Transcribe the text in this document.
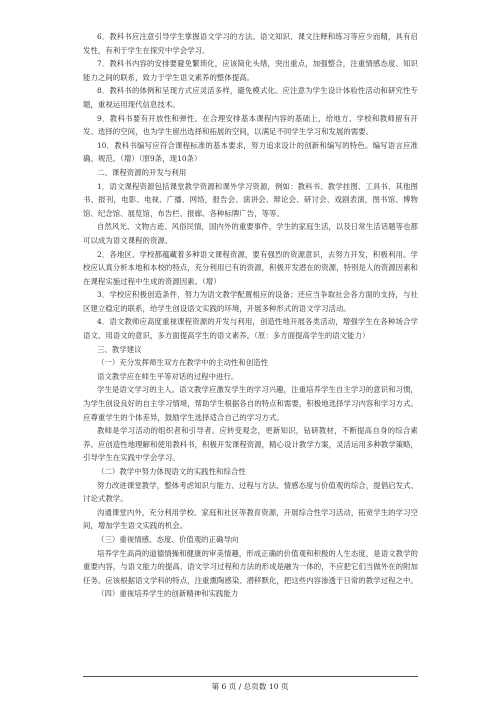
6．教科书应注意引导学生掌握语文学习的方法。语文知识、课文注释和练习等应少而精，具有启发性，有利于学生在探究中学会学习。

7．教科书内容的安排要避免繁琐化，应该简化头绪，突出重点，加强整合，注重情感态度、知识能力之间的联系，致力于学生语文素养的整体提高。

8．教科书的体例和呈现方式应灵活多样，避免模式化。应注意为学生设计体验性活动和研究性专题，重视运用现代信息技术。

9．教科书要有开放性和弹性。在合理安排基本课程内容的基础上，给地方、学校和教师留有开发、选择的空间，也为学生留出选择和拓展的空间，以满足不同学生学习和发展的需要。

10．教科书编写应符合课程标准的基本要求，努力追求设计的创新和编写的特色。编写语言应准确、规范。（增）（原9条，现10条）

二、课程资源的开发与利用

1．语文课程资源包括课堂教学资源和课外学习资源，例如：教科书、教学挂图、工具书、其他图书、报刊，电影、电视、广播、网络，报告会、演讲会、辩论会、研讨会、戏剧表演，图书馆、博物馆、纪念馆、展览馆，布告栏、报廊、各种标牌广告，等等。

自然风光、文物古迹、风俗民情，国内外的重要事件，学生的家庭生活，以及日常生活话题等也都可以成为语文课程的资源。

2．各地区、学校都蕴藏着多种语文课程资源，要有强烈的资源意识，去努力开发，积极利用。学校应认真分析本地和本校的特点，充分利用已有的资源，积极开发潜在的资源，特别是人的资源因素和在课程实施过程中生成的资源因素。（增）

3．学校应积极创造条件，努力为语文教学配置相应的设备；还应当争取社会各方面的支持，与社区建立稳定的联系，给学生创设语文实践的环境，开展多种形式的语文学习活动。

4．语文教师应高度重视课程资源的开发与利用，创造性地开展各类活动，增强学生在各种场合学语文、用语文的意识，多方面提高学生的语文素养。（原：多方面提高学生的语文能力）

三、教学建议

（一）充分发挥师生双方在教学中的主动性和创造性

语文教学应在师生平等对话的过程中进行。

学生是语文学习的主人。语文教学应激发学生的学习兴趣，注重培养学生自主学习的意识和习惯，为学生创设良好的自主学习情境，帮助学生根据各自的特点和需要，积极地选择学习内容和学习方式。应尊重学生的个体差异，鼓励学生选择适合自己的学习方式。

教师是学习活动的组织者和引导者。应转变观念，更新知识，钻研教材，不断提高自身的综合素养。应创造性地理解和使用教科书，积极开发课程资源，精心设计教学方案，灵活运用多种教学策略，引导学生在实践中学会学习。

（二）教学中努力体现语文的实践性和综合性

努力改进课堂教学，整体考虑知识与能力、过程与方法、情感态度与价值观的综合，提倡启发式、讨论式教学。

沟通课堂内外，充分利用学校、家庭和社区等教育资源，开展综合性学习活动，拓宽学生的学习空间，增加学生语文实践的机会。

（三）重视情感、态度、价值观的正确导向

培养学生高尚的道德情操和健康的审美情趣，形成正确的价值观和积极的人生态度，是语文教学的重要内容，与语文能力的提高、语文学习过程和方法的形成是融为一体的，不应把它们当做外在的附加任务。应该根据语文学科的特点，注重熏陶感染、潜移默化，把这些内容渗透于日常的教学过程之中。

（四）重视培养学生的创新精神和实践能力

第 6 页 / 总页数 10 页
